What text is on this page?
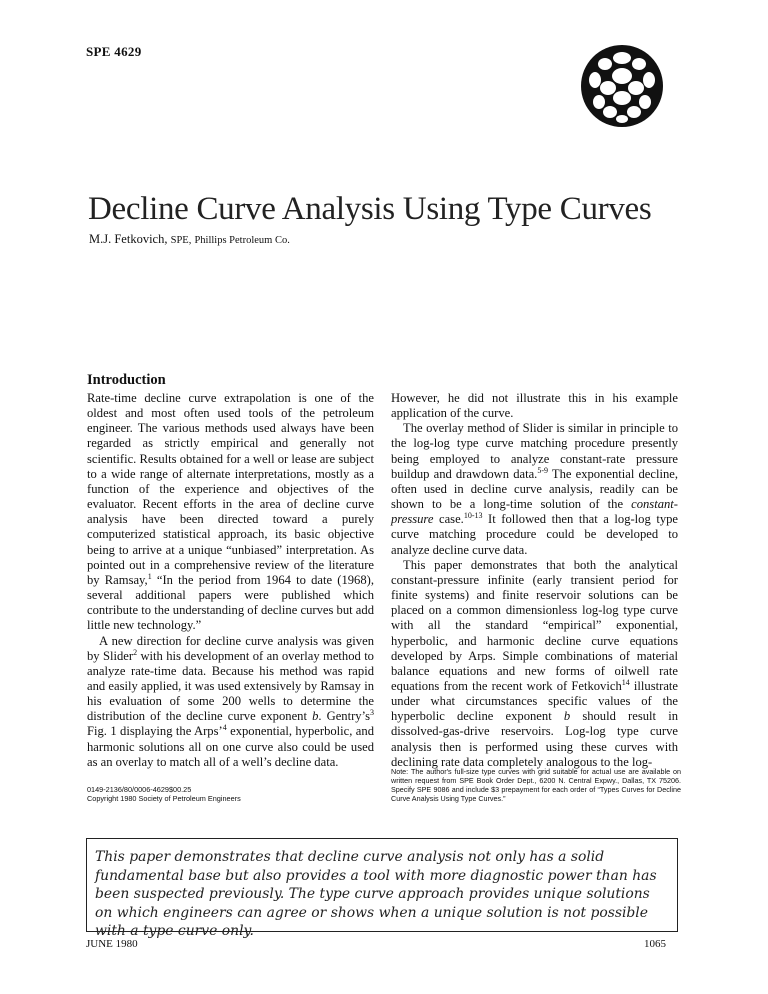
SPE 4629
Decline Curve Analysis Using Type Curves
M.J. Fetkovich, SPE, Phillips Petroleum Co.
Introduction

Rate-time decline curve extrapolation is one of the oldest and most often used tools of the petroleum engineer. The various methods used always have been regarded as strictly empirical and generally not scientific. Results obtained for a well or lease are subject to a wide range of alternate interpretations, mostly as a function of the experience and objectives of the evaluator. Recent efforts in the area of decline curve analysis have been directed toward a purely computerized statistical approach, its basic objective being to arrive at a unique “unbiased” interpretation. As pointed out in a comprehensive review of the literature by Ramsay,$^1$ “In the period from 1964 to date (1968), several additional papers were published which contribute to the understanding of decline curves but add little new technology.”

A new direction for decline curve analysis was given by Slider$^2$ with his development of an overlay method to analyze rate-time data. Because his method was rapid and easily applied, it was used extensively by Ramsay in his evaluation of some 200 wells to determine the distribution of the decline curve exponent b. $Gentry’s^3$ Fig. 1 displaying the Arps’$^4$ exponential, hyperbolic, and harmonic solutions all on one curve also could be used as an overlay to match all of a well’s decline data.

However, he did not illustrate this in his example application of the curve.

The overlay method of Slider is similar in principle to the log-log type curve matching procedure presently being employed to analyze constant-rate pressure buildup and drawdown data.$^{5-9}$ The exponential decline, often used in decline curve analysis, readily can be shown to be a long-time solution of the constant-pressure case.$^{10-13}$ It followed then that a log-log type curve matching procedure could be developed to analyze decline curve data.

This paper demonstrates that both the analytical constant-pressure infinite (early transient period for finite systems) and finite reservoir solutions can be placed on a common dimensionless log-log type curve with all the standard “empirical” exponential, hyperbolic, and harmonic decline curve equations developed by Arps. Simple combinations of material balance equations and new forms of oilwell rate equations from the recent work of Fetkovich$^{14}$ illustrate under what circumstances specific values of the hyperbolic decline exponent b should result in dissolved-gas-drive reservoirs. Log-log type curve analysis then is performed using these curves with declining rate data completely analogous to the log-

0149-2136/80/0006-4629$00.25
Copyright 1980 Society of Petroleum Engineers
Note: The author's full-size type curves with grid suitable for actual use are available on written request from SPE Book Order Dept., 6200 N. Central Expwy., Dallas, TX 75206. Specify SPE 9086 and include $3 prepayment for each order of “Types Curves for Decline Curve Analysis Using Type Curves.”
This paper demonstrates that decline curve analysis not only has a solid fundamental base but also provides a tool with more diagnostic power than has been suspected previously. The type curve approach provides unique solutions on which engineers can agree or shows when a unique solution is not possible with a type curve only.
JUNE 1980	1065
